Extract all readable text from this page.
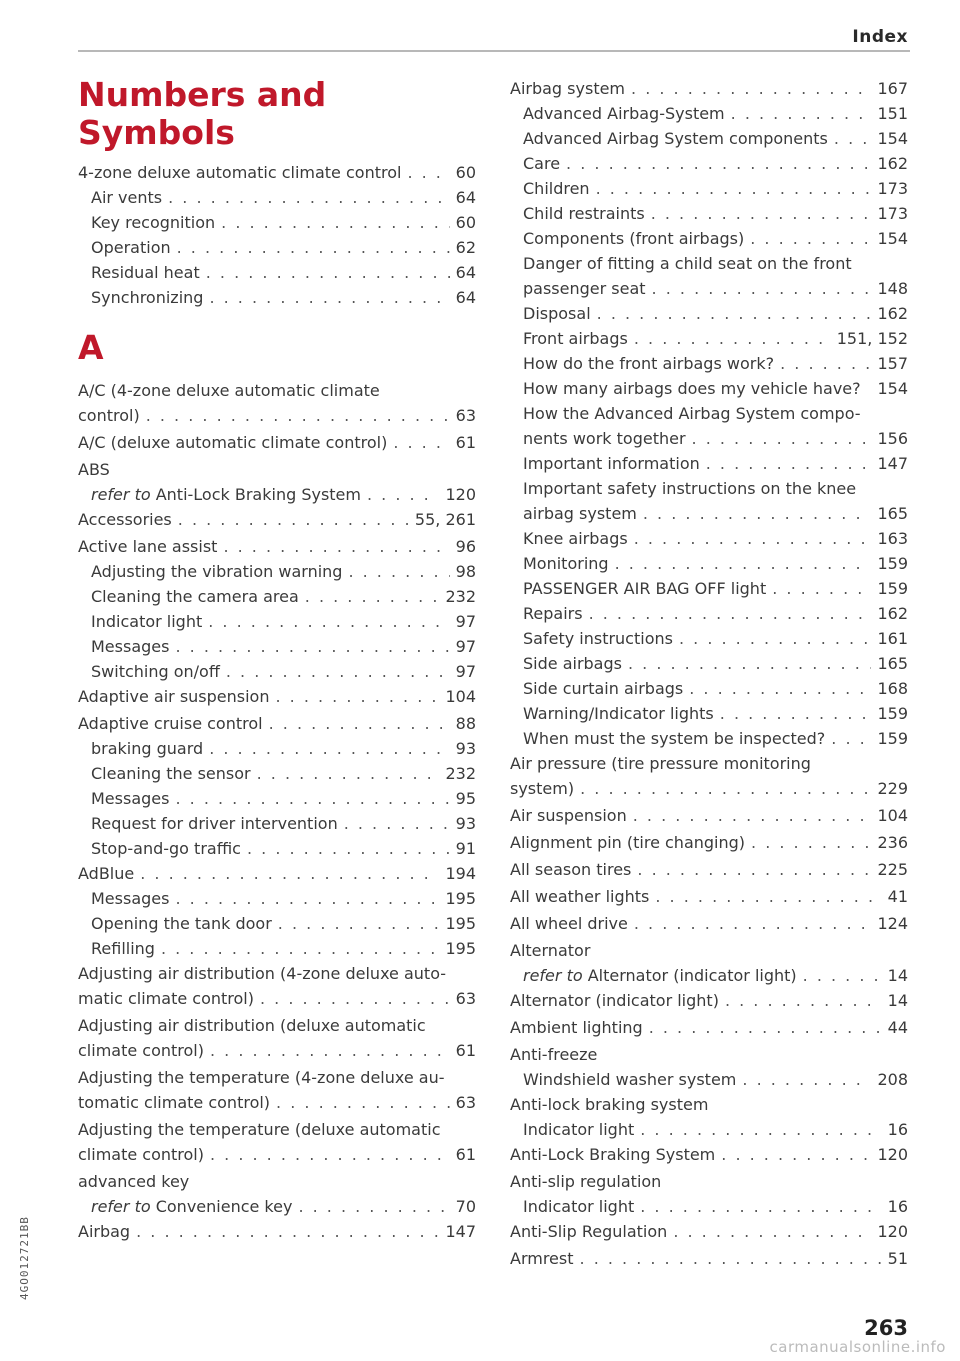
Index
Numbers and
Symbols
4-zone deluxe automatic climate control . . .	60
Air vents . . .	64
Key recognition . . .	60
Operation . . .	62
Residual heat . . .	64
Synchronizing . . .	64
A
A/C (4-zone deluxe automatic climate
control) . . .	63
A/C (deluxe automatic climate control) . . .	61
ABS
refer to Anti-Lock Braking System . . .	120
Accessories . . .	55, 261
Active lane assist . . .	96
Adjusting the vibration warning . . .	98
Cleaning the camera area . . .	232
Indicator light . . .	97
Messages . . .	97
Switching on/off . . .	97
Adaptive air suspension . . .	104
Adaptive cruise control . . .	88
braking guard . . .	93
Cleaning the sensor . . .	232
Messages . . .	95
Request for driver intervention . . .	93
Stop-and-go traffic . . .	91
AdBlue . . .	194
Messages . . .	195
Opening the tank door . . .	195
Refilling . . .	195
Adjusting air distribution (4-zone deluxe auto-
matic climate control) . . .	63
Adjusting air distribution (deluxe automatic
climate control) . . .	61
Adjusting the temperature (4-zone deluxe au-
tomatic climate control) . . .	63
Adjusting the temperature (deluxe automatic
climate control) . . .	61
advanced key
refer to Convenience key . . .	70
Airbag . . .	147
Airbag system . . .	167
Advanced Airbag-System . . .	151
Advanced Airbag System components . . .	154
Care . . .	162
Children . . .	173
Child restraints . . .	173
Components (front airbags) . . .	154
Danger of fitting a child seat on the front
passenger seat . . .	148
Disposal . . .	162
Front airbags . . .	151, 152
How do the front airbags work? . . .	157
How many airbags does my vehicle have? 154
How the Advanced Airbag System compo-
nents work together . . .	156
Important information . . .	147
Important safety instructions on the knee
airbag system . . .	165
Knee airbags . . .	163
Monitoring . . .	159
PASSENGER AIR BAG OFF light . . .	159
Repairs . . .	162
Safety instructions . . .	161
Side airbags . . .	165
Side curtain airbags . . .	168
Warning/Indicator lights . . .	159
When must the system be inspected? . . .	159
Air pressure (tire pressure monitoring
system) . . .	229
Air suspension . . .	104
Alignment pin (tire changing) . . .	236
All season tires . . .	225
All weather lights . . .	41
All wheel drive . . .	124
Alternator
refer to Alternator (indicator light) . . .	14
Alternator (indicator light) . . .	14
Ambient lighting . . .	44
Anti-freeze
Windshield washer system . . .	208
Anti-lock braking system
Indicator light . . .	16
Anti-Lock Braking System . . .	120
Anti-slip regulation
Indicator light . . .	16
Anti-Slip Regulation . . .	120
Armrest . . .	51
4GO012721BB
263
carmanualsonline.info
